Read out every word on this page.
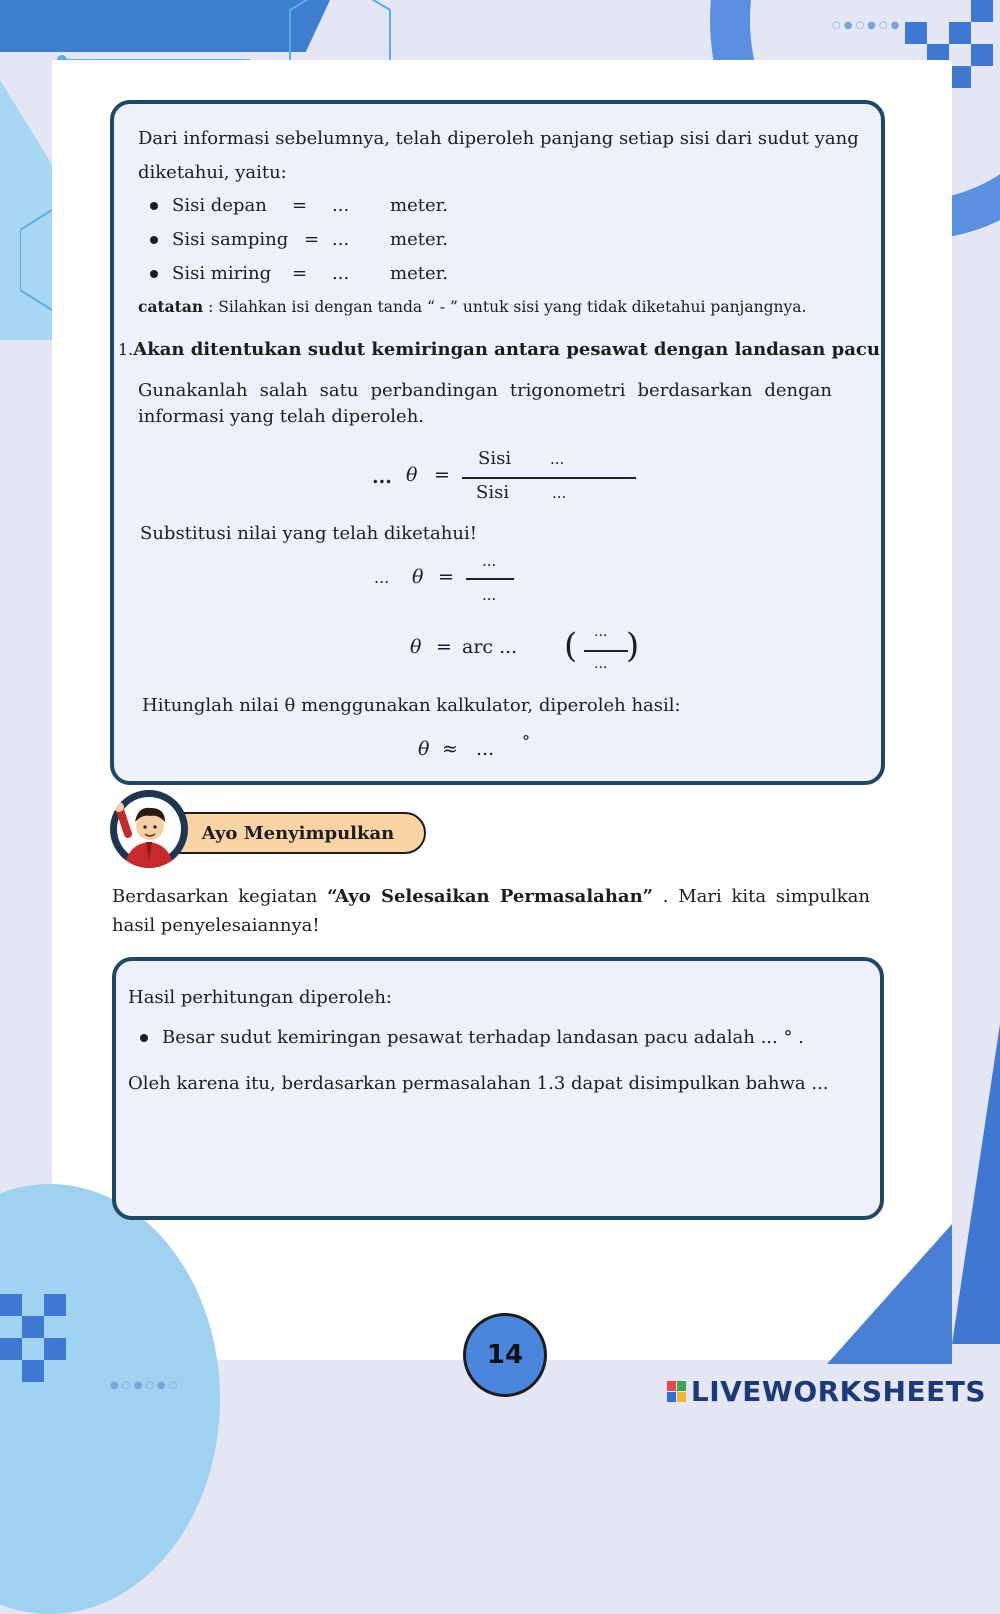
○●○●○●
●○●○●○
Dari informasi sebelumnya, telah diperoleh panjang setiap sisi dari sudut yang
diketahui, yaitu:
Sisi depan = ... meter.
Sisi samping = ... meter.
Sisi miring = ... meter.
catatan : Silahkan isi dengan tanda “ - ” untuk sisi yang tidak diketahui panjangnya.
1.Akan ditentukan sudut kemiringan antara pesawat dengan landasan pacu
Gunakanlah salah satu perbandingan trigonometri berdasarkan dengan informasi yang telah diperoleh.
... θ =
Sisi	...
Sisi	...
Substitusi nilai yang telah diketahui!
... θ =
...
...
θ = arc ... ( ...
... )
Hitunglah nilai θ menggunakan kalkulator, diperoleh hasil:
θ ≈ ... °
Ayo Menyimpulkan
Berdasarkan kegiatan “Ayo Selesaikan Permasalahan” . Mari kita simpulkan hasil penyelesaiannya!
Hasil perhitungan diperoleh:
Besar sudut kemiringan pesawat terhadap landasan pacu adalah ... ° .
Oleh karena itu, berdasarkan permasalahan 1.3 dapat disimpulkan bahwa ...
14
LIVEWORKSHEETS
